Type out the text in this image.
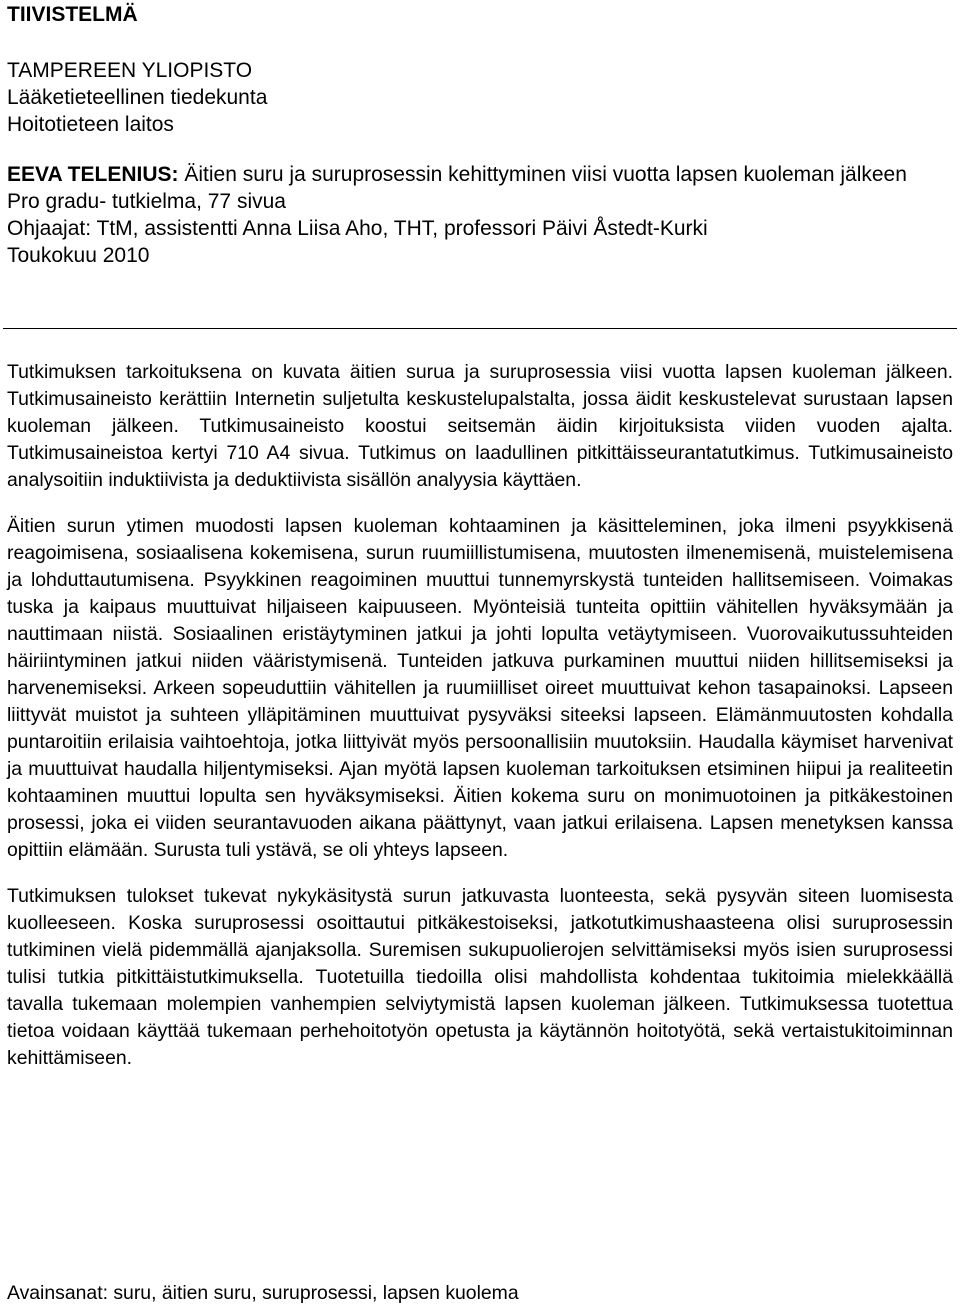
TIIVISTELMÄ
TAMPEREEN YLIOPISTO
Lääketieteellinen tiedekunta
Hoitotieteen laitos
EEVA TELENIUS: Äitien suru ja suruprosessin kehittyminen viisi vuotta lapsen kuoleman jälkeen
Pro gradu- tutkielma, 77 sivua
Ohjaajat: TtM, assistentti Anna Liisa Aho, THT, professori Päivi Åstedt-Kurki
Toukokuu 2010

Tutkimuksen tarkoituksena on kuvata äitien surua ja suruprosessia viisi vuotta lapsen kuoleman jälkeen. Tutkimusaineisto kerättiin Internetin suljetulta keskustelupalstalta, jossa äidit keskustelevat surustaan lapsen kuoleman jälkeen. Tutkimusaineisto koostui seitsemän äidin kirjoituksista viiden vuoden ajalta. Tutkimusaineistoa kertyi 710 A4 sivua. Tutkimus on laadullinen pitkittäisseurantatutkimus. Tutkimusaineisto analysoitiin induktiivista ja deduktiivista sisällön analyysia käyttäen.

Äitien surun ytimen muodosti lapsen kuoleman kohtaaminen ja käsitteleminen, joka ilmeni psyykkisenä reagoimisena, sosiaalisena kokemisena, surun ruumiillistumisena, muutosten ilmenemisenä, muistelemisena ja lohduttautumisena. Psyykkinen reagoiminen muuttui tunnemyrskystä tunteiden hallitsemiseen. Voimakas tuska ja kaipaus muuttuivat hiljaiseen kaipuuseen. Myönteisiä tunteita opittiin vähitellen hyväksymään ja nauttimaan niistä. Sosiaalinen eristäytyminen jatkui ja johti lopulta vetäytymiseen. Vuorovaikutussuhteiden häiriintyminen jatkui niiden vääristymisenä. Tunteiden jatkuva purkaminen muuttui niiden hillitsemiseksi ja harvenemiseksi. Arkeen sopeuduttiin vähitellen ja ruumiilliset oireet muuttuivat kehon tasapainoksi. Lapseen liittyvät muistot ja suhteen ylläpitäminen muuttuivat pysyväksi siteeksi lapseen. Elämänmuutosten kohdalla puntaroitiin erilaisia vaihtoehtoja, jotka liittyivät myös persoonallisiin muutoksiin. Haudalla käymiset harvenivat ja muuttuivat haudalla hiljentymiseksi. Ajan myötä lapsen kuoleman tarkoituksen etsiminen hiipui ja realiteetin kohtaaminen muuttui lopulta sen hyväksymiseksi. Äitien kokema suru on monimuotoinen ja pitkäkestoinen prosessi, joka ei viiden seurantavuoden aikana päättynyt, vaan jatkui erilaisena. Lapsen menetyksen kanssa opittiin elämään. Surusta tuli ystävä, se oli yhteys lapseen.

Tutkimuksen tulokset tukevat nykykäsitystä surun jatkuvasta luonteesta, sekä pysyvän siteen luomisesta kuolleeseen. Koska suruprosessi osoittautui pitkäkestoiseksi, jatkotutkimushaasteena olisi suruprosessin tutkiminen vielä pidemmällä ajanjaksolla. Suremisen sukupuolierojen selvittämiseksi myös isien suruprosessi tulisi tutkia pitkittäistutkimuksella. Tuotetuilla tiedoilla olisi mahdollista kohdentaa tukitoimia mielekkäällä tavalla tukemaan molempien vanhempien selviytymistä lapsen kuoleman jälkeen. Tutkimuksessa tuotettua tietoa voidaan käyttää tukemaan perhehoitotyön opetusta ja käytännön hoitotyötä, sekä vertaistukitoiminnan kehittämiseen.

Avainsanat: suru, äitien suru, suruprosessi, lapsen kuolema
